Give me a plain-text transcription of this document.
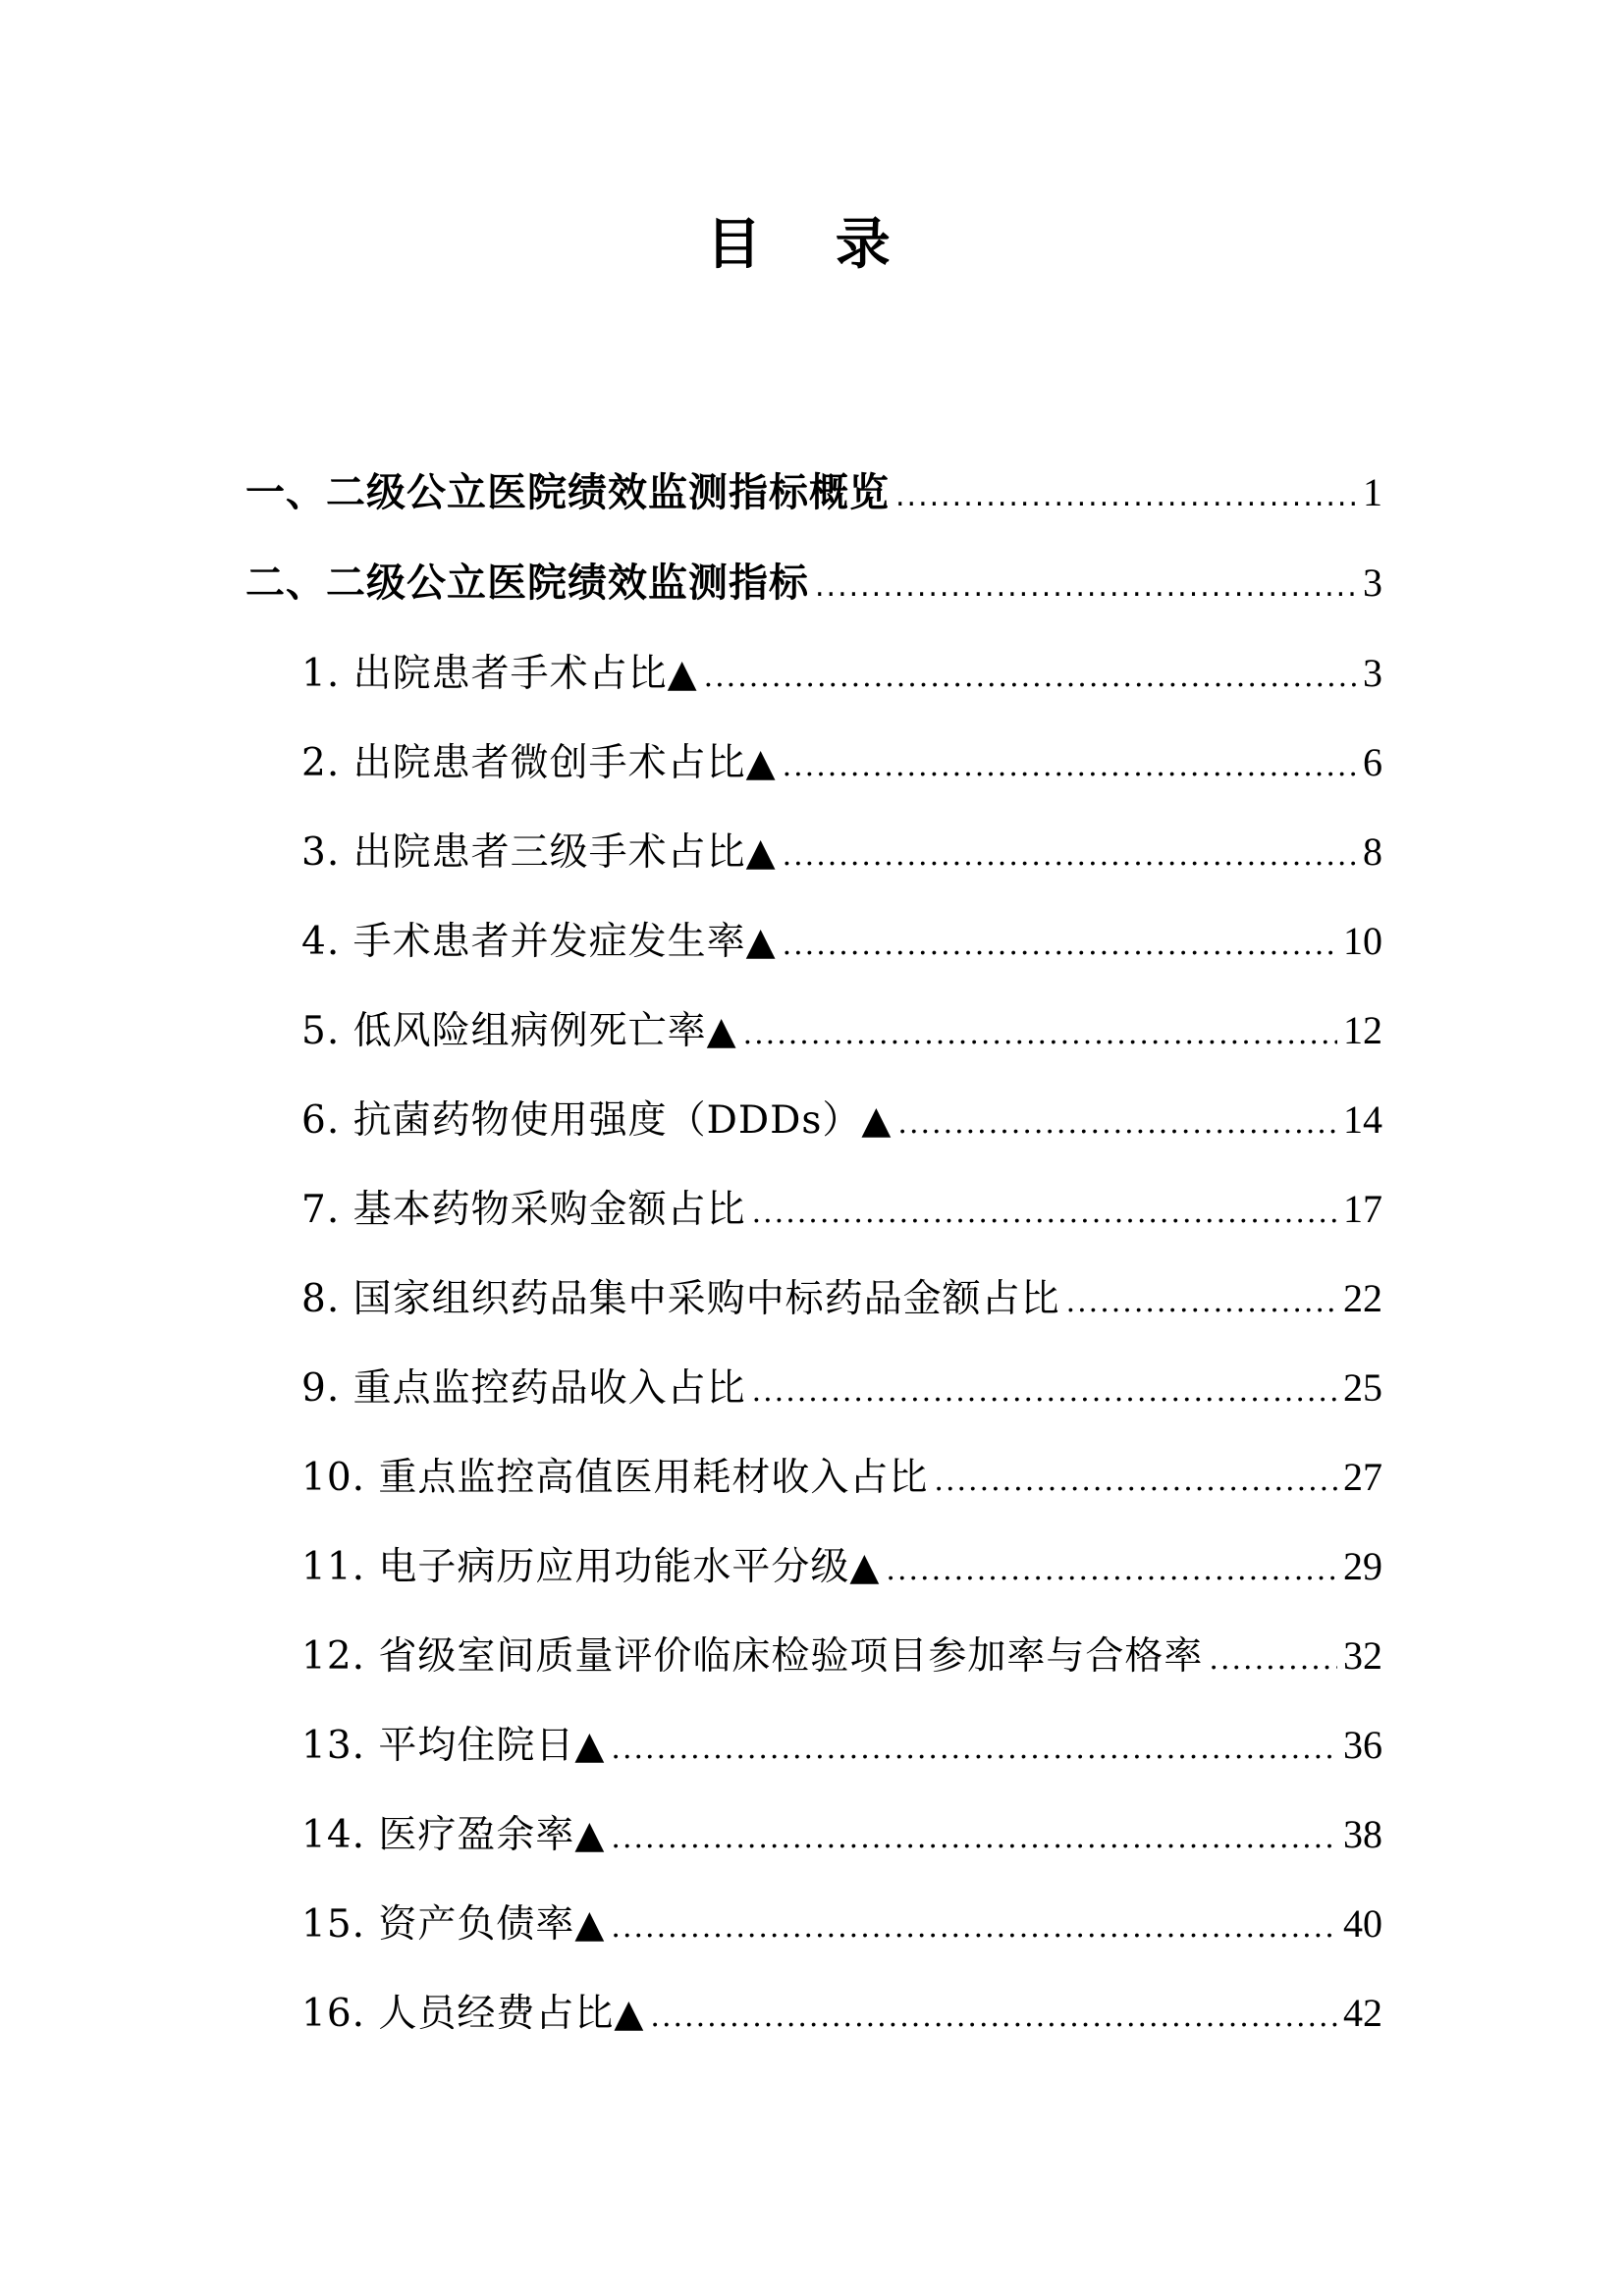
目 录
一、二级公立医院绩效监测指标概览 .....	1
二、二级公立医院绩效监测指标 .....	3
1. 出院患者手术占比▲ .....	3
2. 出院患者微创手术占比▲ .....	6
3. 出院患者三级手术占比▲ .....	8
4. 手术患者并发症发生率▲ .....	10
5. 低风险组病例死亡率▲ .....	12
6. 抗菌药物使用强度（DDDs）▲ .....	14
7. 基本药物采购金额占比 .....	17
8. 国家组织药品集中采购中标药品金额占比 .....	22
9. 重点监控药品收入占比 .....	25
10. 重点监控高值医用耗材收入占比 .....	27
11. 电子病历应用功能水平分级▲ .....	29
12. 省级室间质量评价临床检验项目参加率与合格率 .....	32
13. 平均住院日▲ .....	36
14. 医疗盈余率▲ .....	38
15. 资产负债率▲ .....	40
16. 人员经费占比▲ .....	42
